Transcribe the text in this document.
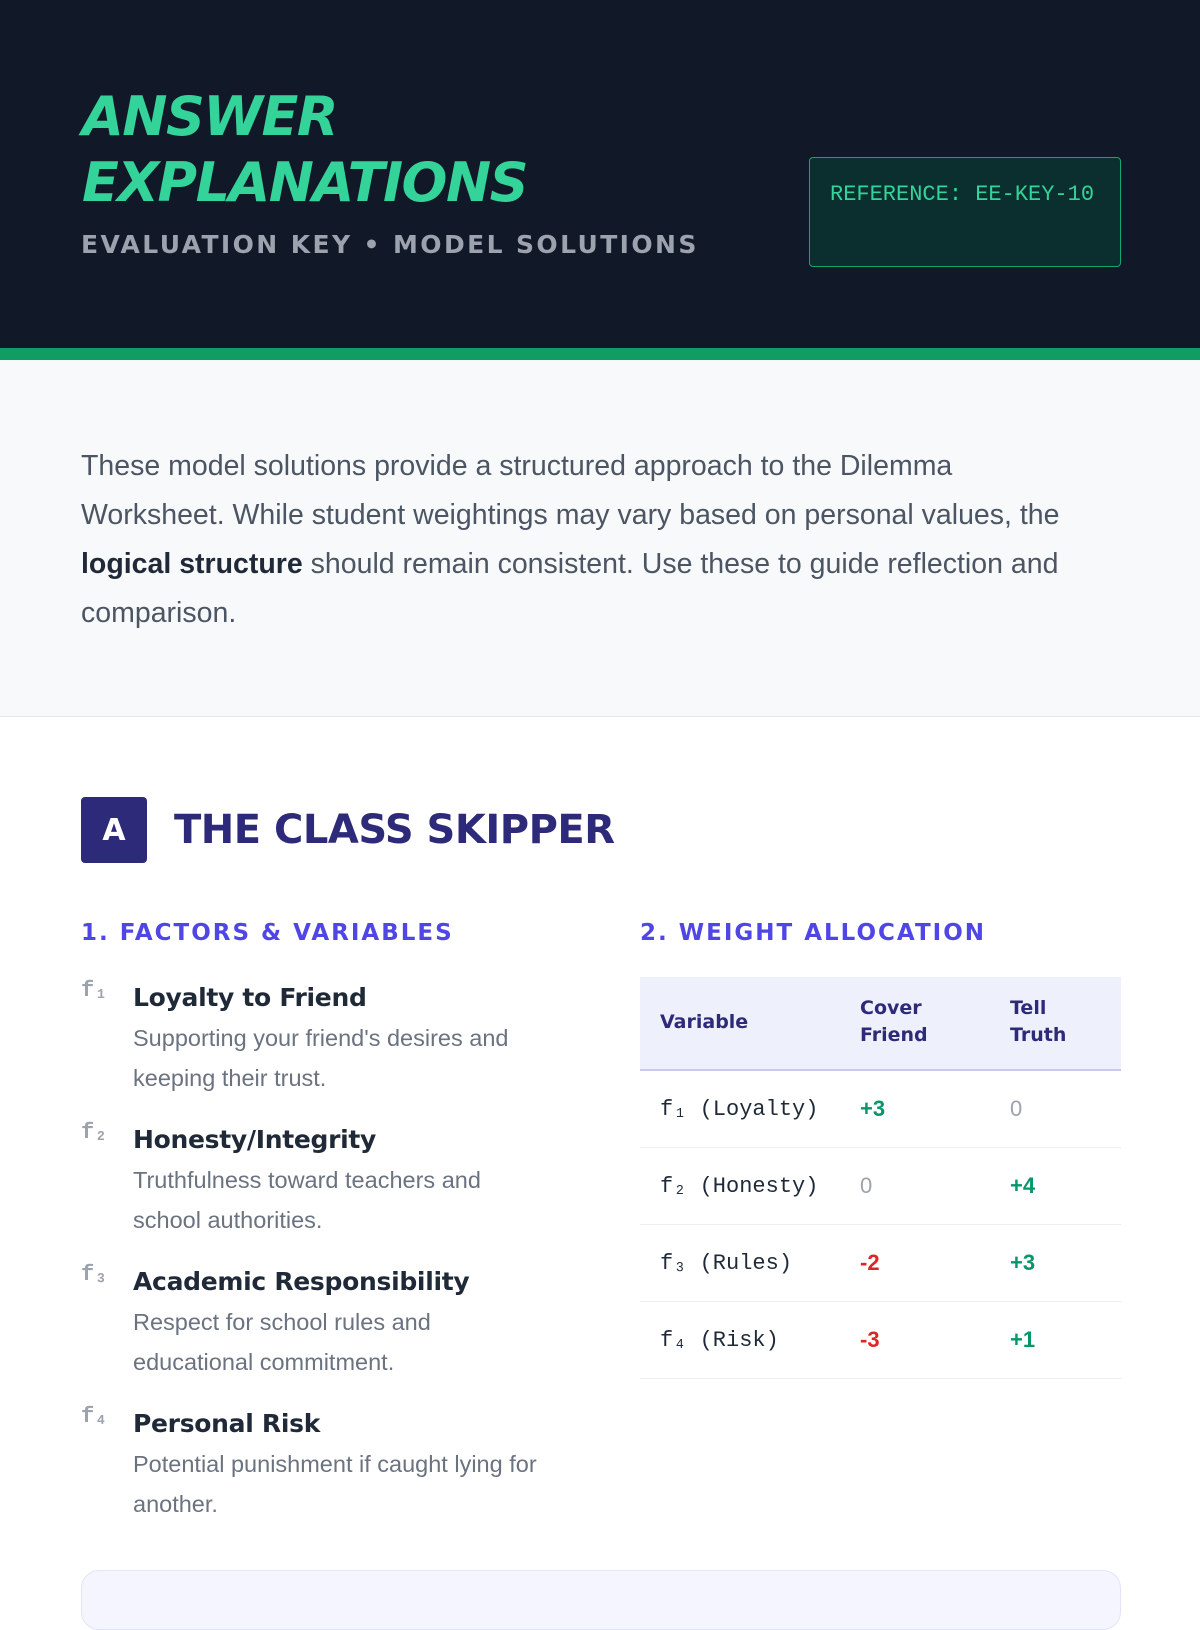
ANSWER EXPLANATIONS
EVALUATION KEY • MODEL SOLUTIONS
REFERENCE: EE-KEY-10

These model solutions provide a structured approach to the Dilemma Worksheet. While student weightings may vary based on personal values, the logical structure should remain consistent. Use these to guide reflection and comparison.

A	THE CLASS SKIPPER
1. FACTORS & VARIABLES	2. WEIGHT ALLOCATION
f₁ Loyalty to Friend
Supporting your friend's desires and keeping their trust.
f₂ Honesty/Integrity
Truthfulness toward teachers and school authorities.
f₃ Academic Responsibility
Respect for school rules and educational commitment.
f₄ Personal Risk
Potential punishment if caught lying for another.
Variable	Cover Friend	Tell Truth
f₁ (Loyalty)	+3	0
f₂ (Honesty)	0	+4
f₃ (Rules)	-2	+3
f₄ (Risk)	-3	+1
